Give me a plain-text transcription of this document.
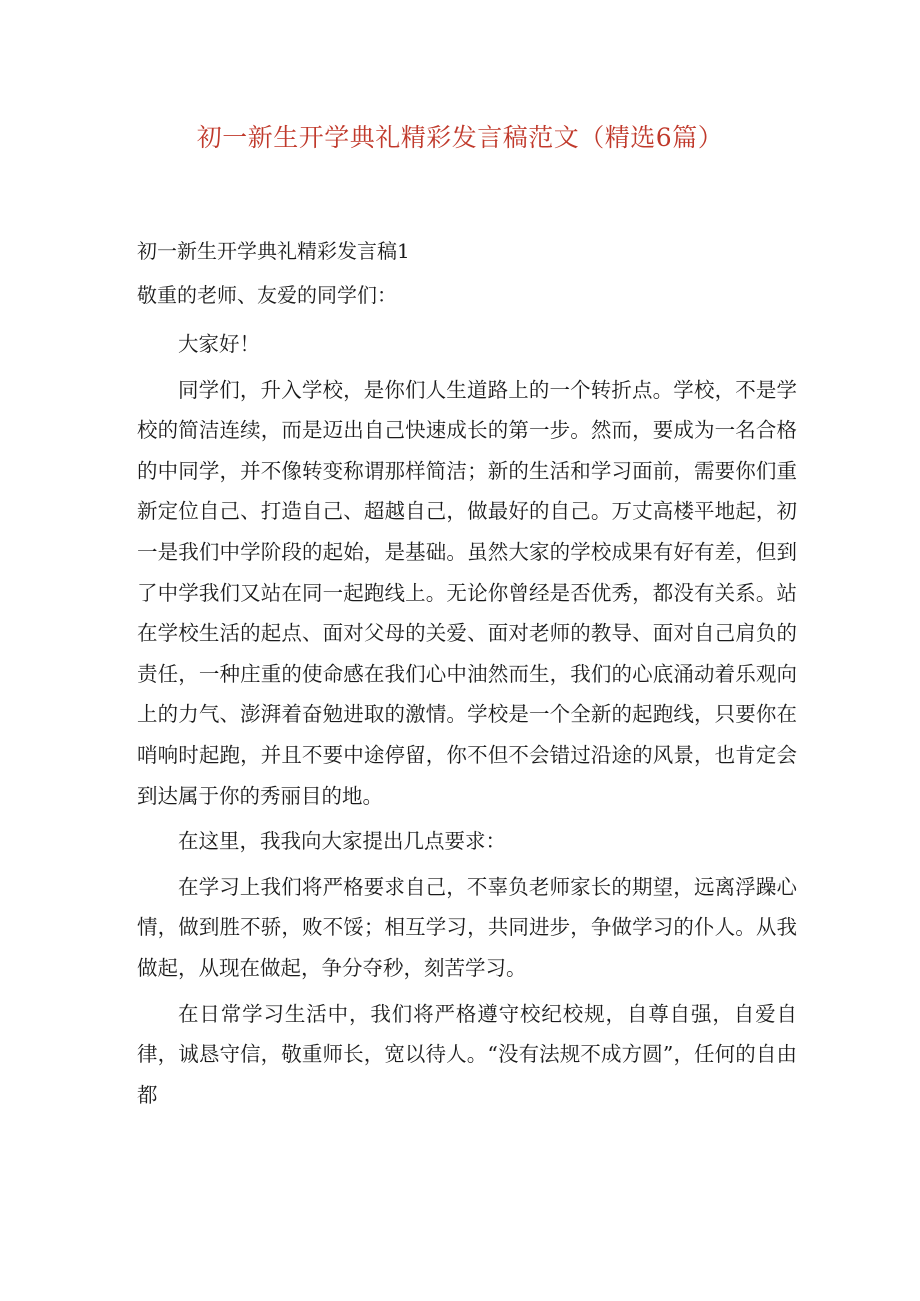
初一新生开学典礼精彩发言稿范文（精选6篇）

初一新生开学典礼精彩发言稿1

敬重的老师、友爱的同学们：

大家好！

同学们，升入学校，是你们人生道路上的一个转折点。学校，不是学校的简洁连续，而是迈出自己快速成长的第一步。然而，要成为一名合格的中同学，并不像转变称谓那样简洁；新的生活和学习面前，需要你们重新定位自己、打造自己、超越自己，做最好的自己。万丈高楼平地起，初一是我们中学阶段的起始，是基础。虽然大家的学校成果有好有差，但到了中学我们又站在同一起跑线上。无论你曾经是否优秀，都没有关系。站在学校生活的起点、面对父母的关爱、面对老师的教导、面对自己肩负的责任，一种庄重的使命感在我们心中油然而生，我们的心底涌动着乐观向上的力气、澎湃着奋勉进取的激情。学校是一个全新的起跑线，只要你在哨响时起跑，并且不要中途停留，你不但不会错过沿途的风景，也肯定会到达属于你的秀丽目的地。

在这里，我我向大家提出几点要求：

在学习上我们将严格要求自己，不辜负老师家长的期望，远离浮躁心情，做到胜不骄，败不馁；相互学习，共同进步，争做学习的仆人。从我做起，从现在做起，争分夺秒，刻苦学习。

在日常学习生活中，我们将严格遵守校纪校规，自尊自强，自爱自律，诚恳守信，敬重师长，宽以待人。“没有法规不成方圆”，任何的自由都
